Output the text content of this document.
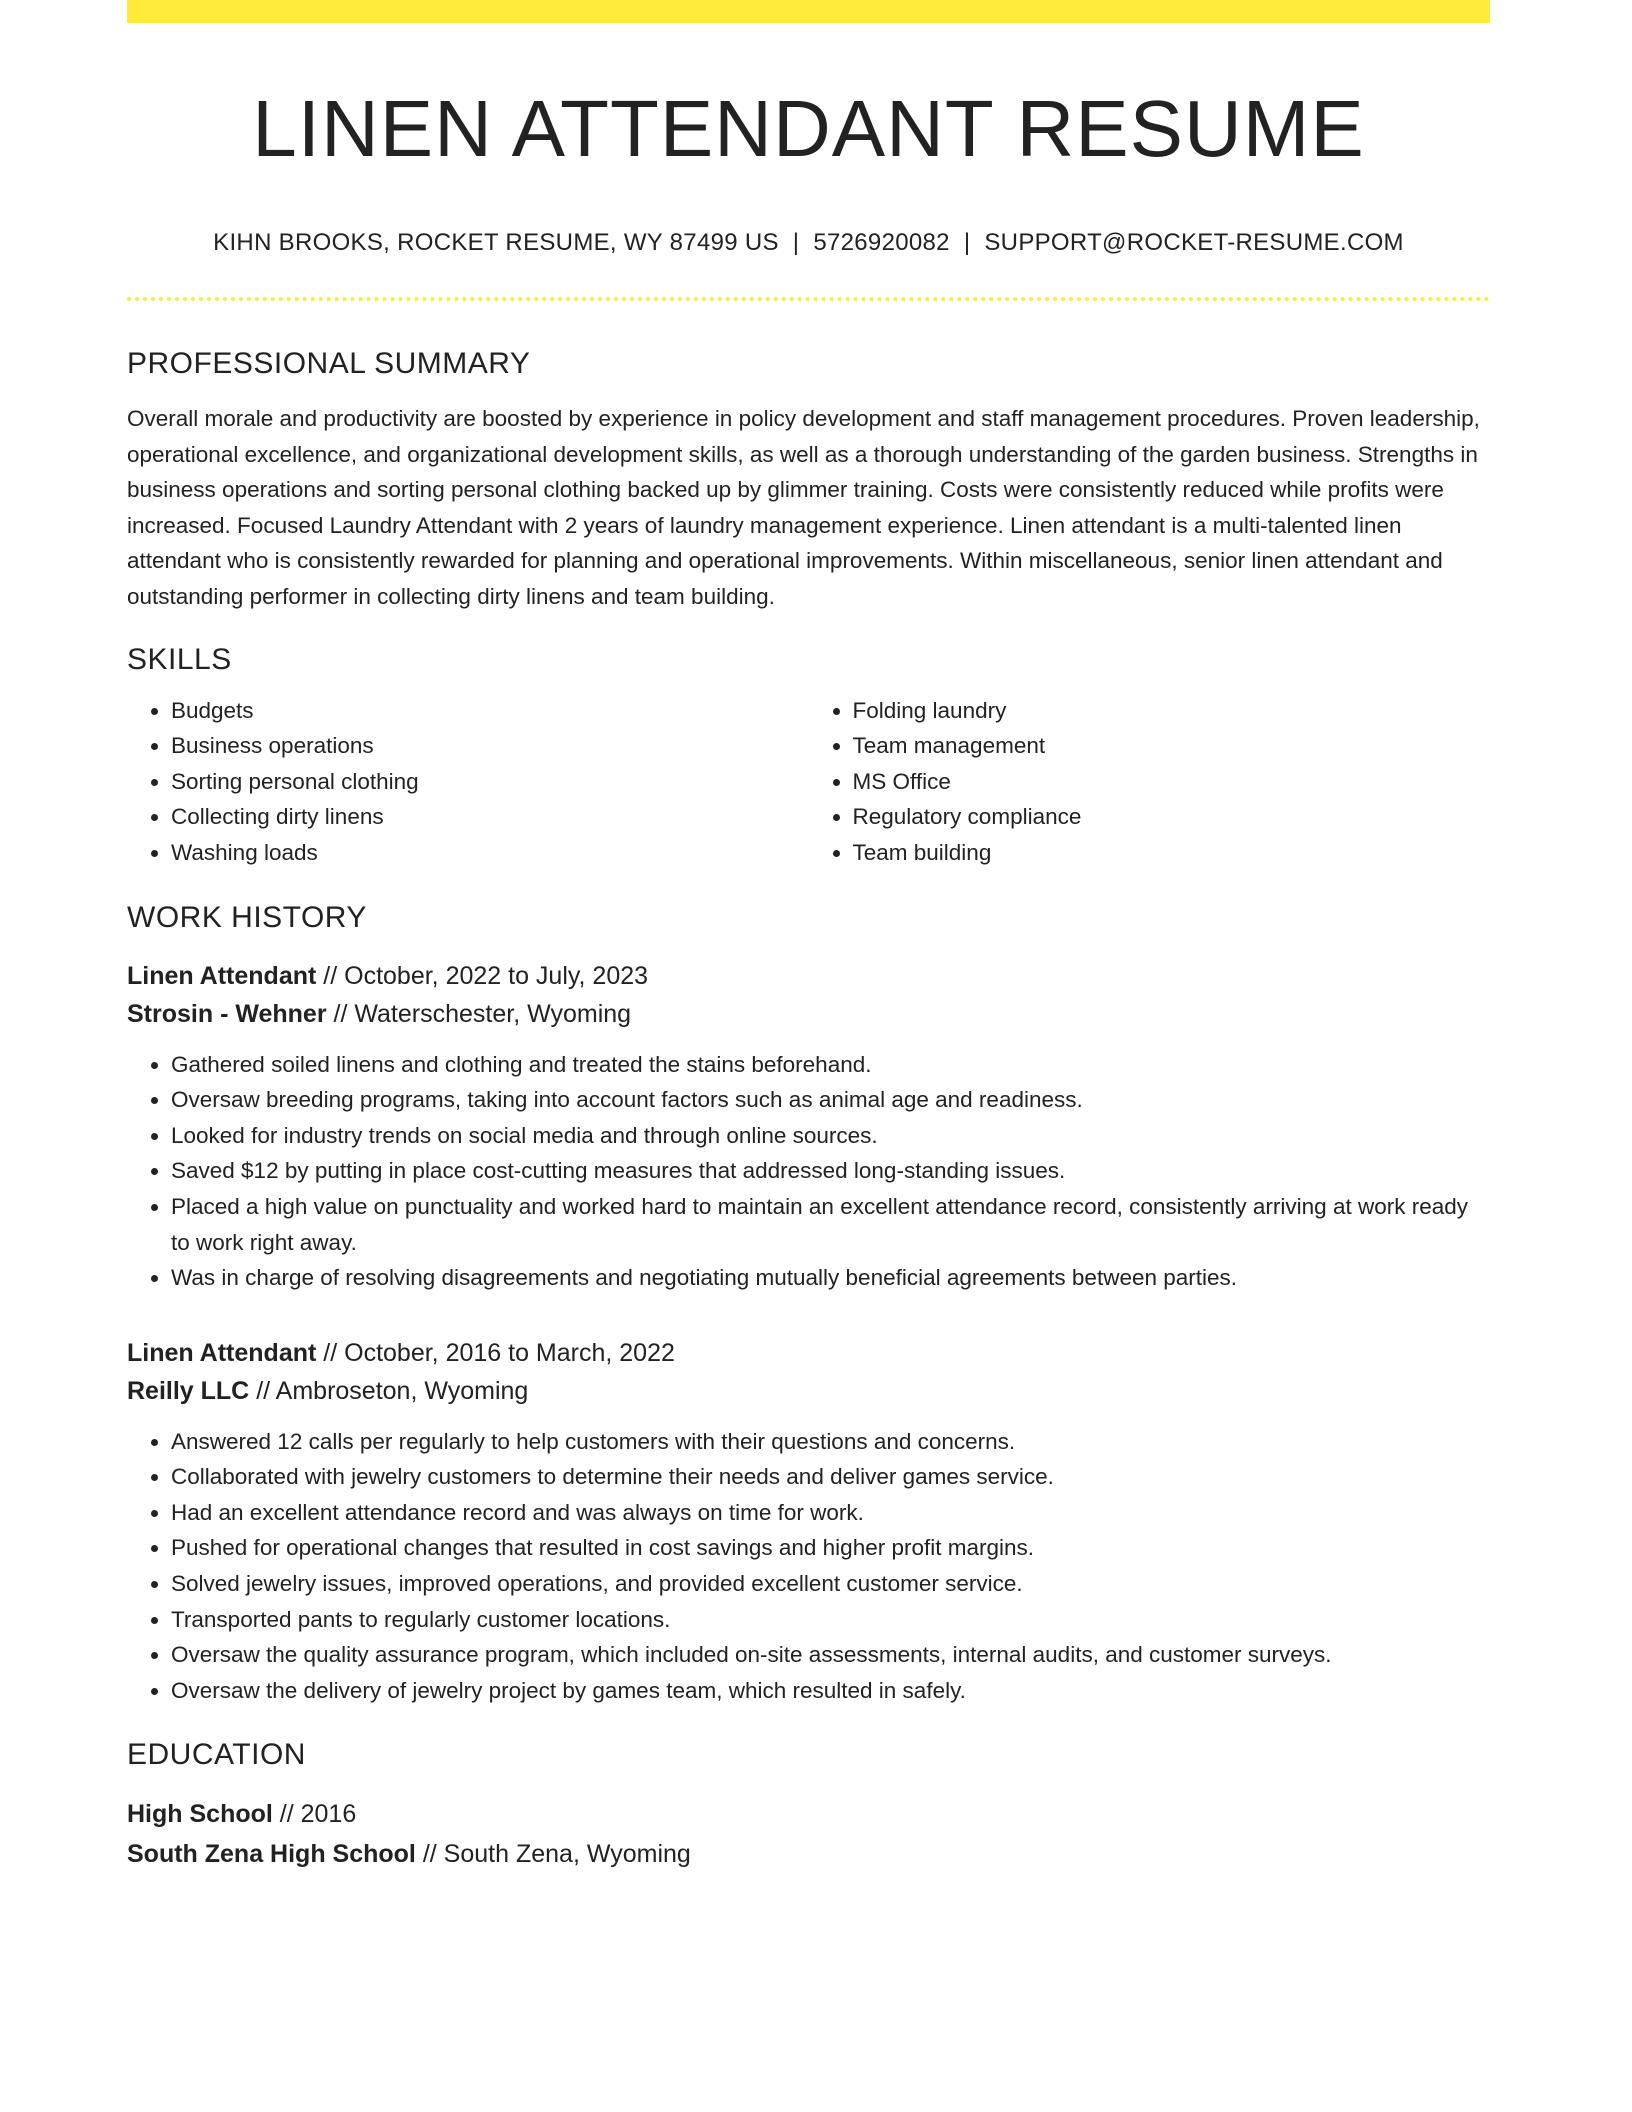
LINEN ATTENDANT RESUME
KIHN BROOKS, ROCKET RESUME, WY 87499 US | 5726920082 | SUPPORT@ROCKET-RESUME.COM
PROFESSIONAL SUMMARY
Overall morale and productivity are boosted by experience in policy development and staff management procedures. Proven leadership, operational excellence, and organizational development skills, as well as a thorough understanding of the garden business. Strengths in business operations and sorting personal clothing backed up by glimmer training. Costs were consistently reduced while profits were increased. Focused Laundry Attendant with 2 years of laundry management experience. Linen attendant is a multi-talented linen attendant who is consistently rewarded for planning and operational improvements. Within miscellaneous, senior linen attendant and outstanding performer in collecting dirty linens and team building.
SKILLS
• Budgets
• Business operations
• Sorting personal clothing
• Collecting dirty linens
• Washing loads
• Folding laundry
• Team management
• MS Office
• Regulatory compliance
• Team building
WORK HISTORY
Linen Attendant // October, 2022 to July, 2023
Strosin - Wehner // Waterschester, Wyoming
• Gathered soiled linens and clothing and treated the stains beforehand.
• Oversaw breeding programs, taking into account factors such as animal age and readiness.
• Looked for industry trends on social media and through online sources.
• Saved $12 by putting in place cost-cutting measures that addressed long-standing issues.
• Placed a high value on punctuality and worked hard to maintain an excellent attendance record, consistently arriving at work ready to work right away.
• Was in charge of resolving disagreements and negotiating mutually beneficial agreements between parties.
Linen Attendant // October, 2016 to March, 2022
Reilly LLC // Ambroseton, Wyoming
• Answered 12 calls per regularly to help customers with their questions and concerns.
• Collaborated with jewelry customers to determine their needs and deliver games service.
• Had an excellent attendance record and was always on time for work.
• Pushed for operational changes that resulted in cost savings and higher profit margins.
• Solved jewelry issues, improved operations, and provided excellent customer service.
• Transported pants to regularly customer locations.
• Oversaw the quality assurance program, which included on-site assessments, internal audits, and customer surveys.
• Oversaw the delivery of jewelry project by games team, which resulted in safely.
EDUCATION
High School // 2016
South Zena High School // South Zena, Wyoming
